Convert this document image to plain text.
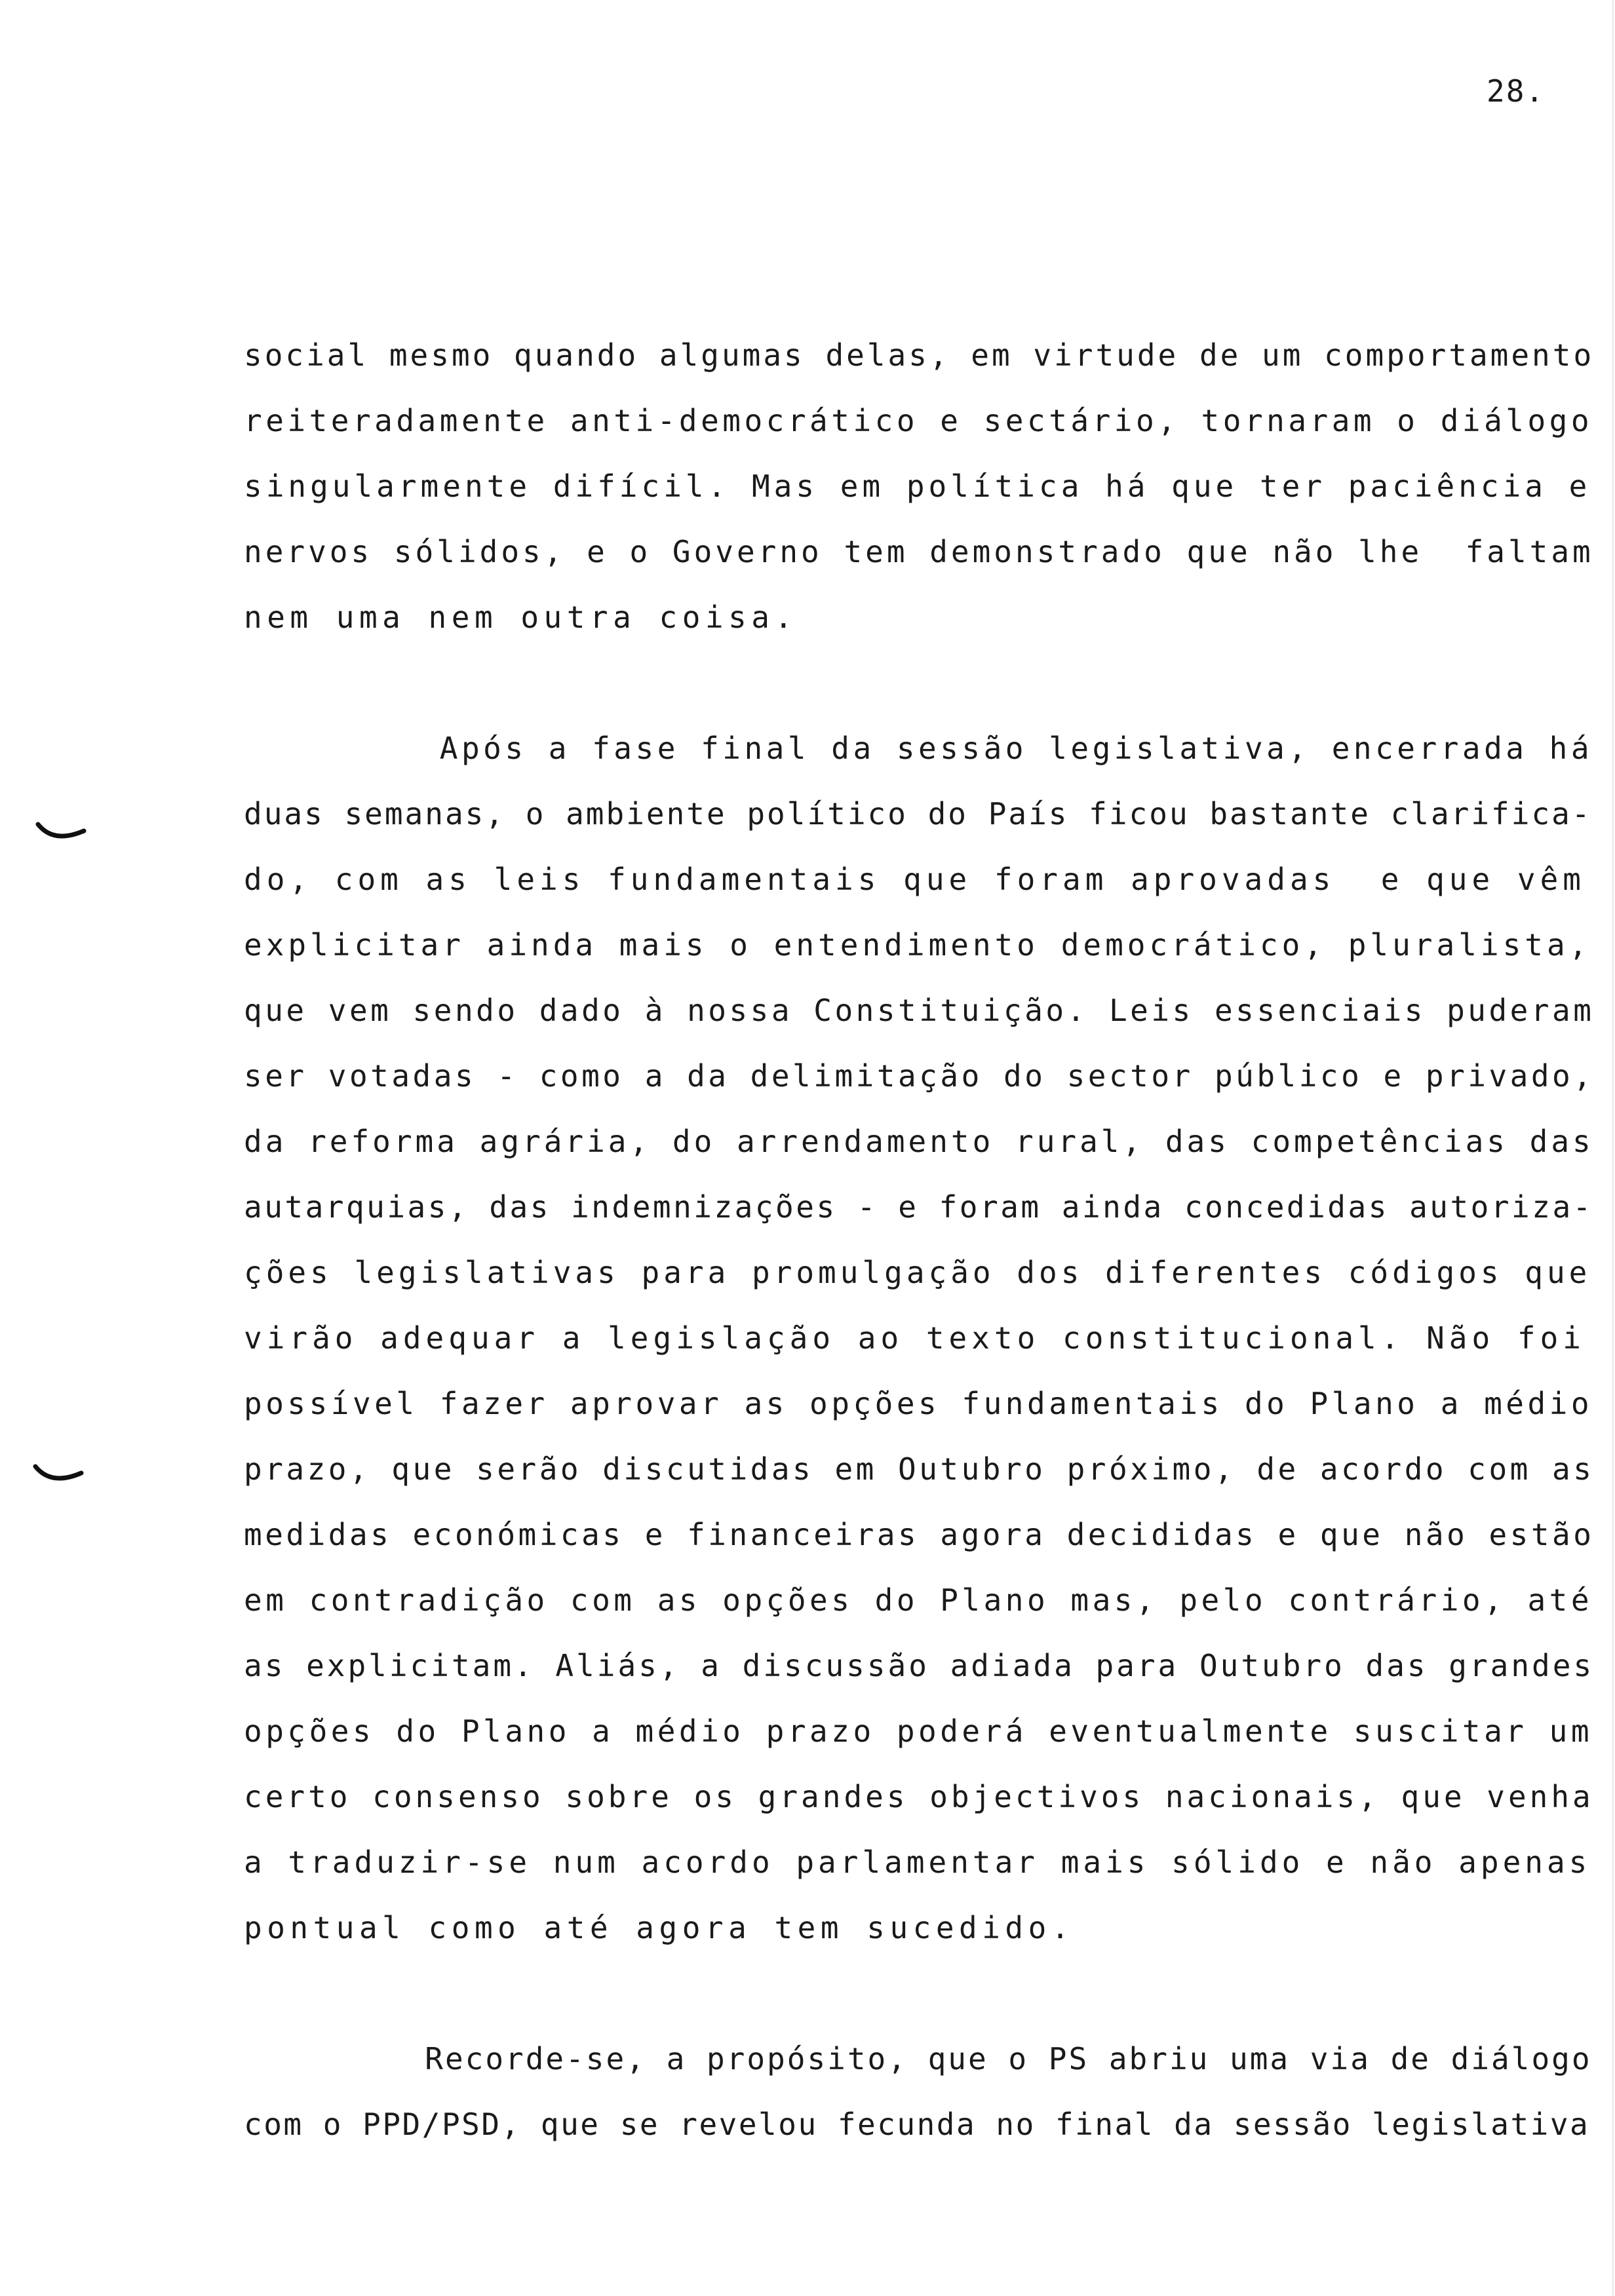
28.
social mesmo quando algumas delas, em virtude de um comportamento
reiteradamente anti-democrático e sectário, tornaram o diálogo
singularmente difícil. Mas em política há que ter paciência e
nervos sólidos, e o Governo tem demonstrado que não lhe  faltam
nem uma nem outra coisa.
Após a fase final da sessão legislativa, encerrada há
duas semanas, o ambiente político do País ficou bastante clarifica-
do, com as leis fundamentais que foram aprovadas  e que vêm
explicitar ainda mais o entendimento democrático, pluralista,
que vem sendo dado à nossa Constituição. Leis essenciais puderam
ser votadas - como a da delimitação do sector público e privado,
da reforma agrária, do arrendamento rural, das competências das
autarquias, das indemnizações - e foram ainda concedidas autoriza-
ções legislativas para promulgação dos diferentes códigos que
virão adequar a legislação ao texto constitucional. Não foi
possível fazer aprovar as opções fundamentais do Plano a médio
prazo, que serão discutidas em Outubro próximo, de acordo com as
medidas económicas e financeiras agora decididas e que não estão
em contradição com as opções do Plano mas, pelo contrário, até
as explicitam. Aliás, a discussão adiada para Outubro das grandes
opções do Plano a médio prazo poderá eventualmente suscitar um
certo consenso sobre os grandes objectivos nacionais, que venha
a traduzir-se num acordo parlamentar mais sólido e não apenas
pontual como até agora tem sucedido.
Recorde-se, a propósito, que o PS abriu uma via de diálogo
com o PPD/PSD, que se revelou fecunda no final da sessão legislativa
